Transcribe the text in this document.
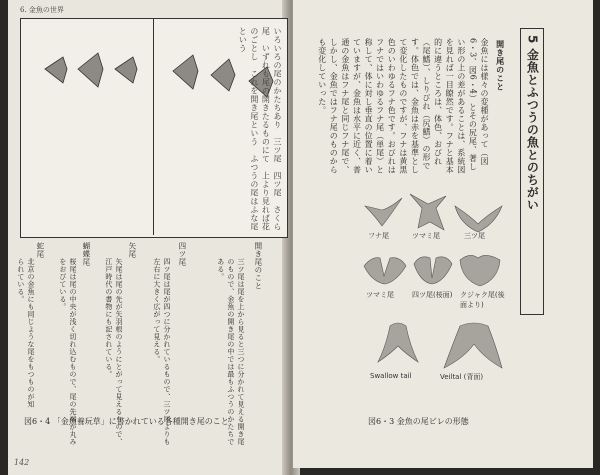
6. 金魚の世界
いろいろの尾のかたちあり　三ツ尾　四ツ尾　さくら尾　いずれも尾の開きたるものにて　上より見れば花のごとし　これを開き尾という　ふつうの尾はふな尾という
開き尾のこと
三ツ尾は尾を上から見ると三つに分かれて見える開き尾のもので、金魚の開き尾の中では最もふつうのかたちである。
四ツ尾
四ツ尾は尾が四つに分かれているもので、三ツ尾よりも左右に大きく広がって見える。
矢尾
矢尾は尾の先が矢羽根のようにとがって見えるもので、江戸時代の書物にも記されている。
蝴蝶尾
桜尾は尾の中央が浅く切れ込むもので、尾の先端が丸みをおびている。
蛇尾
北京の金魚にも同じような尾をもつものが知られている。
図6・4 「金魚養玩草」に書かれている各種開き尾のこと
142
5 金魚とふつうの魚とのちがい
開き尾のこと
金魚には様々の変種があって（図6・3、図6・4）とその尻尾、著しい形の上の差があることは、系統図を見れば一目瞭然です。フナと基本的に違うところは、体色、おびれ（尾鰭）、しりびれ（尻鰭）の形です。体色では、金魚は赤を基準として変化したものですが、フナは黄黒色のいわゆるフナ色です。おびれはフナではいわゆるフナ尾（単尾）と称して、体に対し垂直の位置に着いていますが、金魚は水平に近く、普通の金魚はフナ尾と同じフナ尾で、しかし、金魚ではフナ尾のものからも変化していった。
フナ尾	ツマミ尾	三ツ尾
ツマミ尾	四ツ尾(桜面) クジャク尾(後面より)
Swallow tail	Veiltal (背面)
図6・3 金魚の尾ビレの形態
